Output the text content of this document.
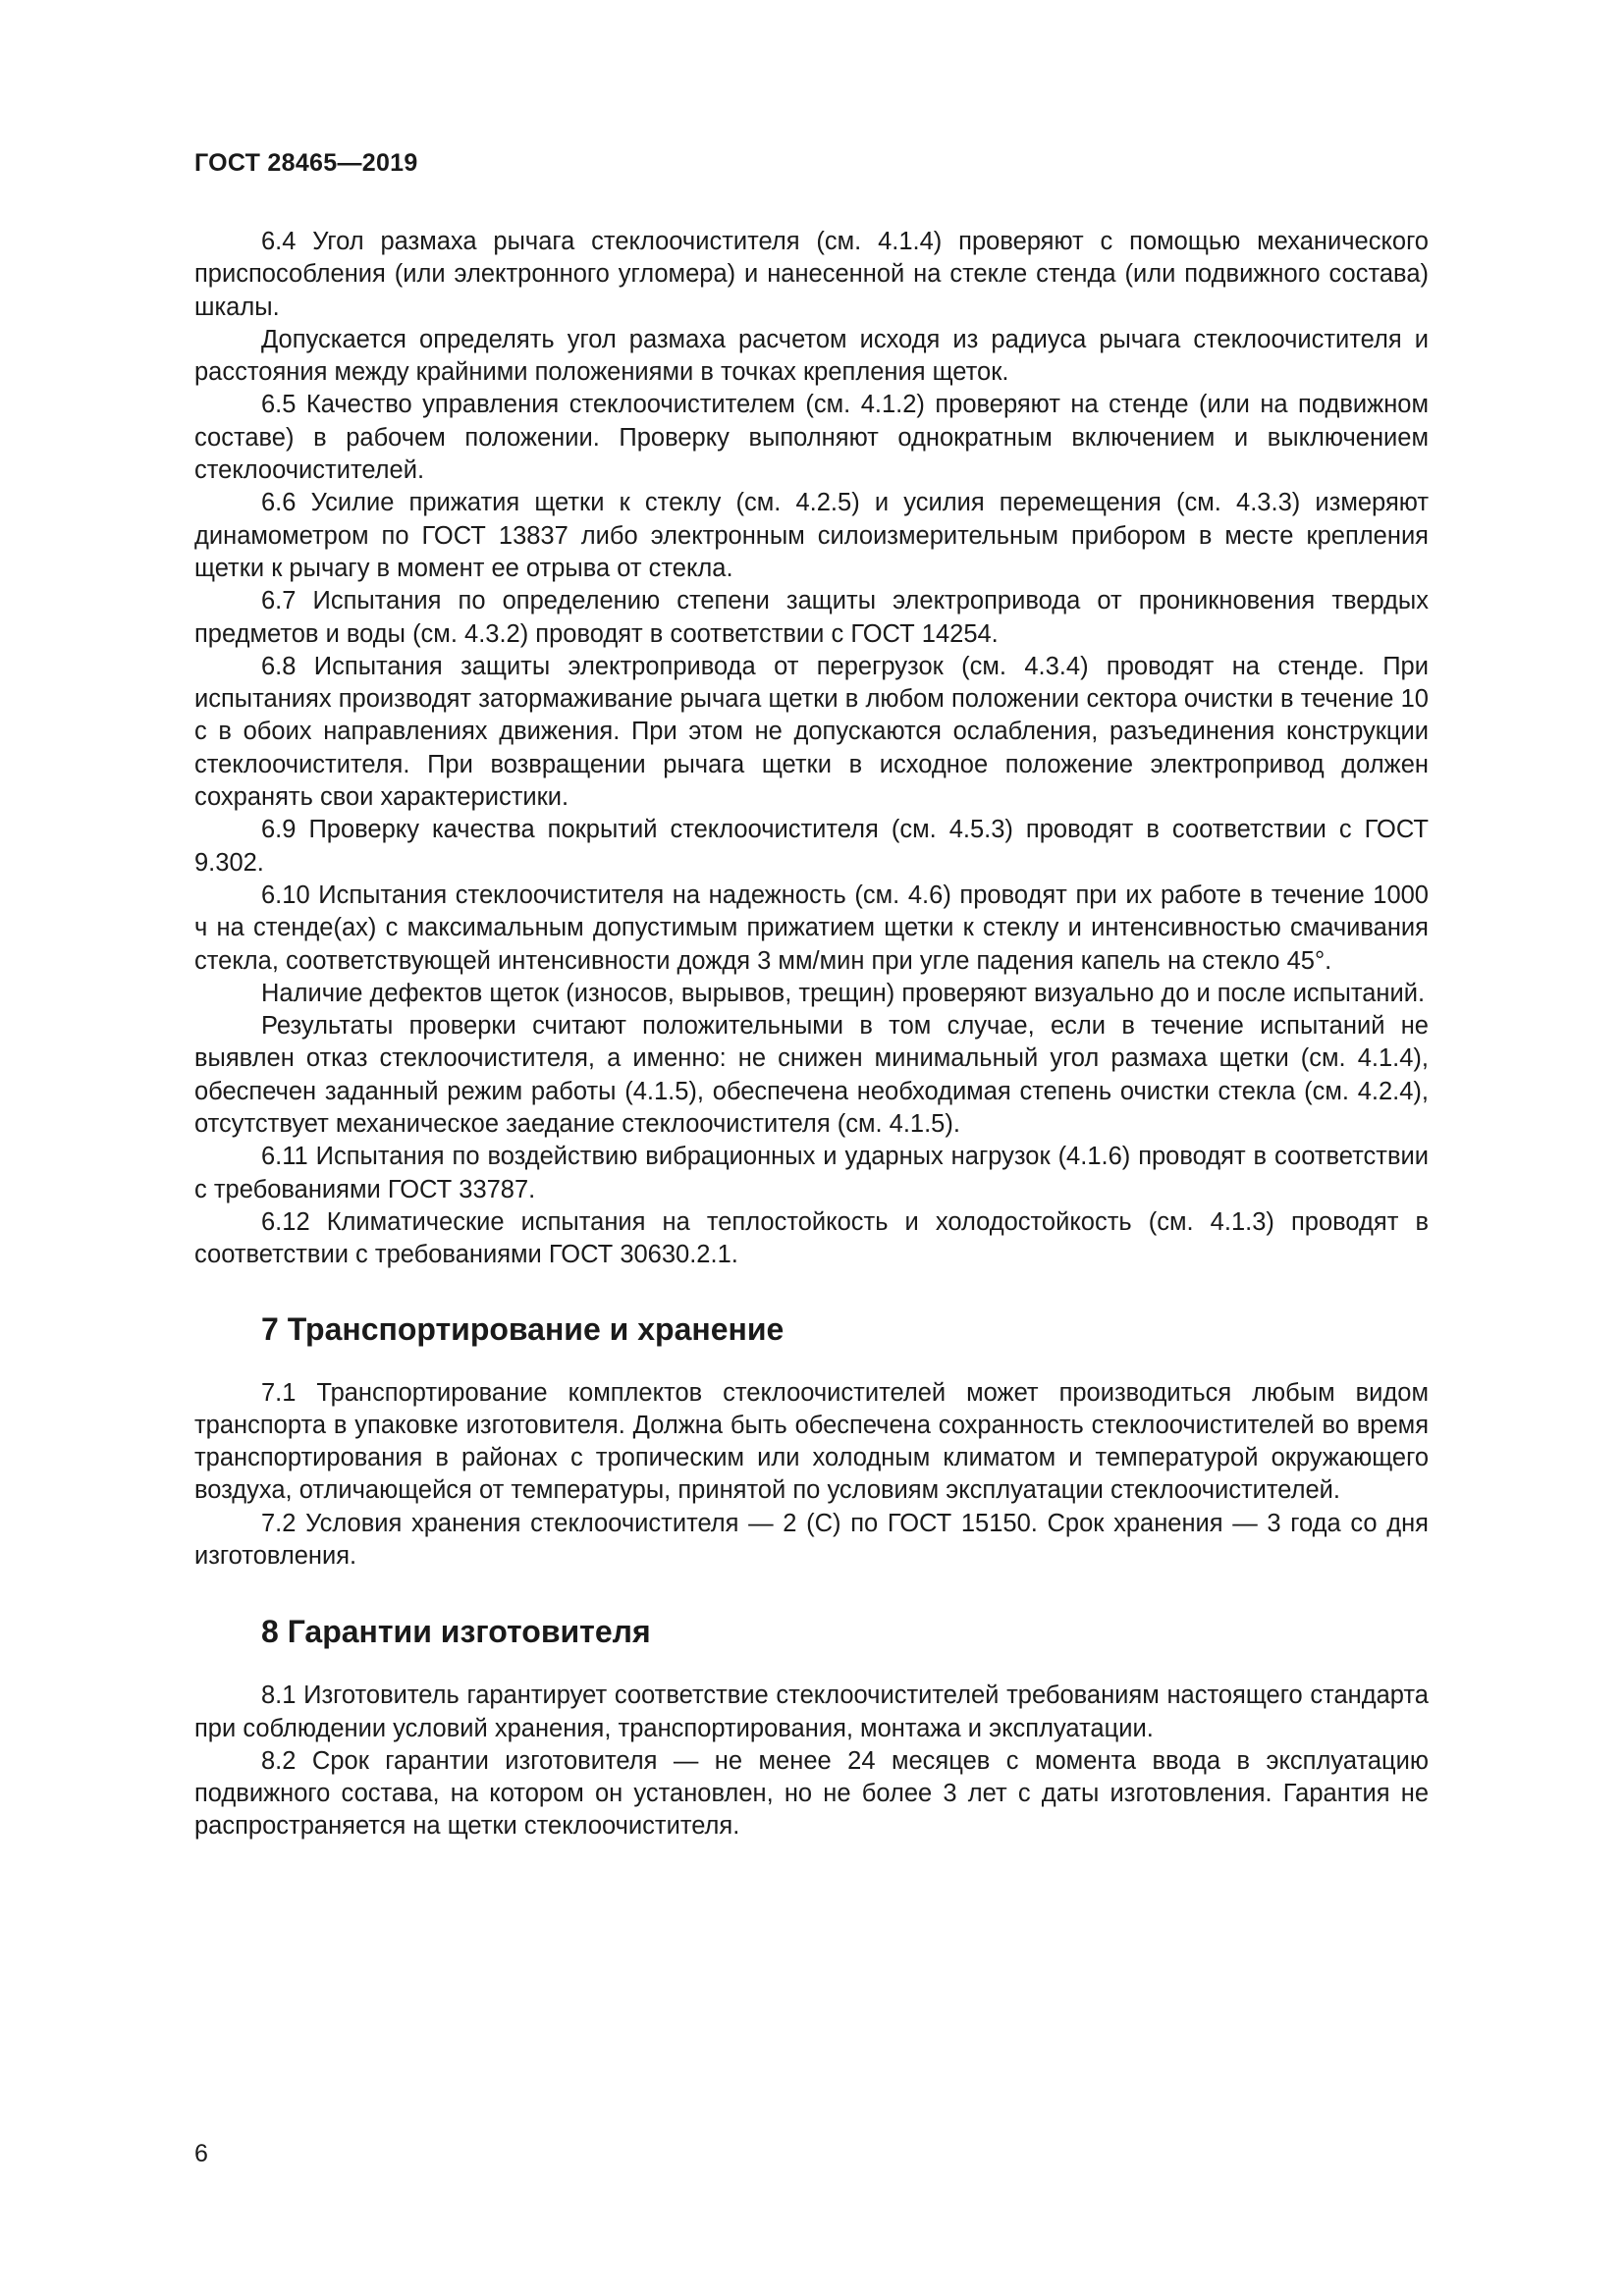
ГОСТ 28465—2019

6.4 Угол размаха рычага стеклоочистителя (см. 4.1.4) проверяют с помощью механического приспособления (или электронного угломера) и нанесенной на стекле стенда (или подвижного состава) шкалы.

Допускается определять угол размаха расчетом исходя из радиуса рычага стеклоочистителя и расстояния между крайними положениями в точках крепления щеток.

6.5 Качество управления стеклоочистителем (см. 4.1.2) проверяют на стенде (или на подвижном составе) в рабочем положении. Проверку выполняют однократным включением и выключением стеклоочистителей.

6.6 Усилие прижатия щетки к стеклу (см. 4.2.5) и усилия перемещения (см. 4.3.3) измеряют динамометром по ГОСТ 13837 либо электронным силоизмерительным прибором в месте крепления щетки к рычагу в момент ее отрыва от стекла.

6.7 Испытания по определению степени защиты электропривода от проникновения твердых предметов и воды (см. 4.3.2) проводят в соответствии с ГОСТ 14254.

6.8 Испытания защиты электропривода от перегрузок (см. 4.3.4) проводят на стенде. При испытаниях производят затормаживание рычага щетки в любом положении сектора очистки в течение 10 с в обоих направлениях движения. При этом не допускаются ослабления, разъединения конструкции стеклоочистителя. При возвращении рычага щетки в исходное положение электропривод должен сохранять свои характеристики.

6.9 Проверку качества покрытий стеклоочистителя (см. 4.5.3) проводят в соответствии с ГОСТ 9.302.

6.10 Испытания стеклоочистителя на надежность (см. 4.6) проводят при их работе в течение 1000 ч на стенде(ах) с максимальным допустимым прижатием щетки к стеклу и интенсивностью смачивания стекла, соответствующей интенсивности дождя 3 мм/мин при угле падения капель на стекло 45°.

Наличие дефектов щеток (износов, вырывов, трещин) проверяют визуально до и после испытаний.

Результаты проверки считают положительными в том случае, если в течение испытаний не выявлен отказ стеклоочистителя, а именно: не снижен минимальный угол размаха щетки (см. 4.1.4), обеспечен заданный режим работы (4.1.5), обеспечена необходимая степень очистки стекла (см. 4.2.4), отсутствует механическое заедание стеклоочистителя (см. 4.1.5).

6.11 Испытания по воздействию вибрационных и ударных нагрузок (4.1.6) проводят в соответствии с требованиями ГОСТ 33787.

6.12 Климатические испытания на теплостойкость и холодостойкость (см. 4.1.3) проводят в соответствии с требованиями ГОСТ 30630.2.1.

7 Транспортирование и хранение

7.1 Транспортирование комплектов стеклоочистителей может производиться любым видом транспорта в упаковке изготовителя. Должна быть обеспечена сохранность стеклоочистителей во время транспортирования в районах с тропическим или холодным климатом и температурой окружающего воздуха, отличающейся от температуры, принятой по условиям эксплуатации стеклоочистителей.

7.2 Условия хранения стеклоочистителя — 2 (С) по ГОСТ 15150. Срок хранения — 3 года со дня изготовления.

8 Гарантии изготовителя

8.1 Изготовитель гарантирует соответствие стеклоочистителей требованиям настоящего стандарта при соблюдении условий хранения, транспортирования, монтажа и эксплуатации.

8.2 Срок гарантии изготовителя — не менее 24 месяцев с момента ввода в эксплуатацию подвижного состава, на котором он установлен, но не более 3 лет с даты изготовления. Гарантия не распространяется на щетки стеклоочистителя.

6
